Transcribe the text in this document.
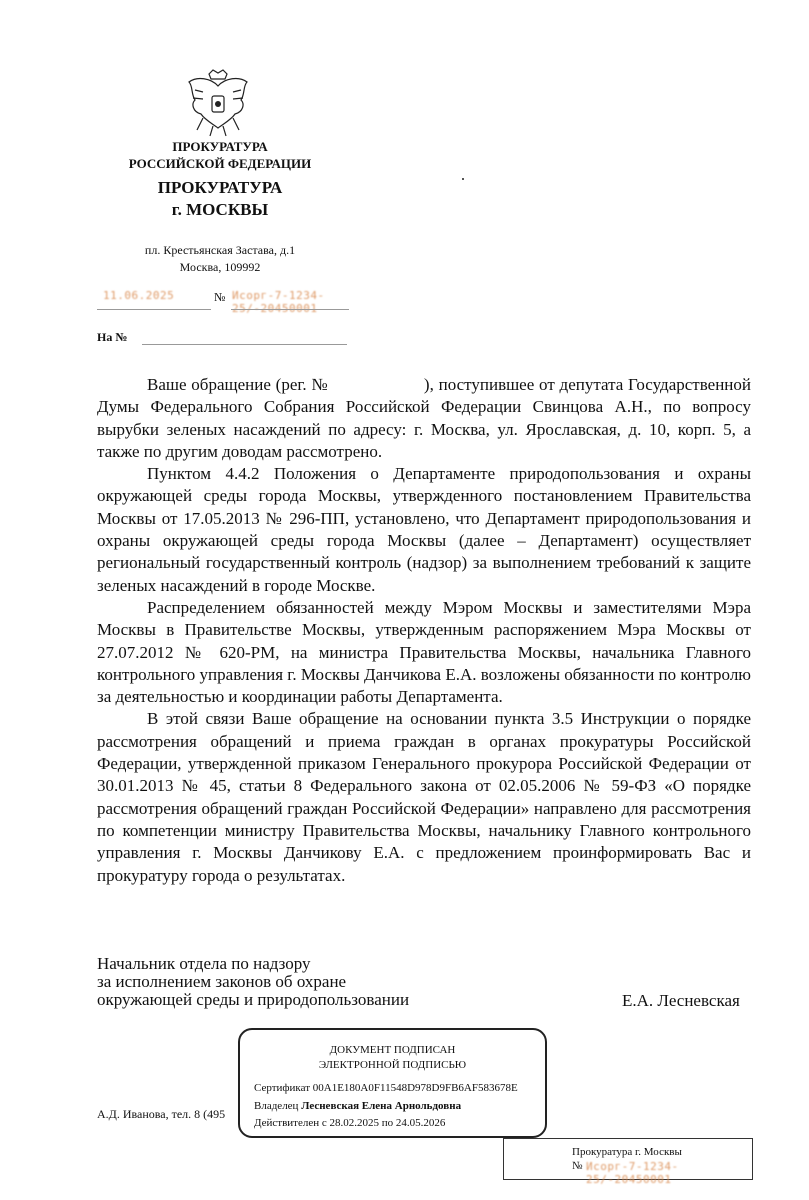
ПРОКУРАТУРА
РОССИЙСКОЙ ФЕДЕРАЦИИ
ПРОКУРАТУРА
г. МОСКВЫ
пл. Крестьянская Застава, д.1
Москва, 109992
11.06.2025	№ Исорг-7-1234-25/-20450001
На №

Ваше обращение (рег. №                    ), поступившее от депутата Государственной Думы Федерального Собрания Российской Федерации Свинцова А.Н., по вопросу вырубки зеленых насаждений по адресу: г. Москва, ул. Ярославская, д. 10, корп. 5, а также по другим доводам рассмотрено.

Пунктом 4.4.2 Положения о Департаменте природопользования и охраны окружающей среды города Москвы, утвержденного постановлением Правительства Москвы от 17.05.2013 № 296-ПП, установлено, что Департамент природопользования и охраны окружающей среды города Москвы (далее – Департамент) осуществляет региональный государственный контроль (надзор) за выполнением требований к защите зеленых насаждений в городе Москве.

Распределением обязанностей между Мэром Москвы и заместителями Мэра Москвы в Правительстве Москвы, утвержденным распоряжением Мэра Москвы от 27.07.2012 № 620-РМ, на министра Правительства Москвы, начальника Главного контрольного управления г. Москвы Данчикова Е.А. возложены обязанности по контролю за деятельностью и координации работы Департамента.

В этой связи Ваше обращение на основании пункта 3.5 Инструкции о порядке рассмотрения обращений и приема граждан в органах прокуратуры Российской Федерации, утвержденной приказом Генерального прокурора Российской Федерации от 30.01.2013 № 45, статьи 8 Федерального закона от 02.05.2006 № 59-ФЗ «О порядке рассмотрения обращений граждан Российской Федерации» направлено для рассмотрения по компетенции министру Правительства Москвы, начальнику Главного контрольного управления г. Москвы Данчикову Е.А. с предложением проинформировать Вас и прокуратуру города о результатах.

Начальник отдела по надзору
за исполнением законов об охране
окружающей среды и природопользовании	Е.А. Лесневская
А.Д. Иванова, тел. 8 (495
ДОКУМЕНТ ПОДПИСАН
ЭЛЕКТРОННОЙ ПОДПИСЬЮ
Сертификат 00A1E180A0F11548D978D9FB6AF583678E
Владелец Лесневская Елена Арнольдовна
Действителен с 28.02.2025 по 24.05.2026
Прокуратура г. Москвы
№ Исорг-7-1234-25/-20450001
